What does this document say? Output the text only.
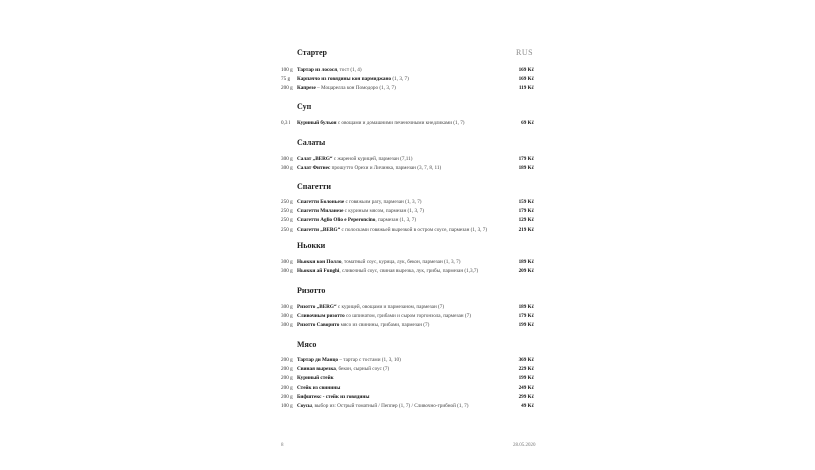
RUS
Стартер
100 g Тартар из лосося, тост (1, 4)	169 Kč
75 g	Карпаччо из говядины кон пармиджано (1, 3, 7)	169 Kč
200 g Капрезе – Моцарелла кон Помодоро (1, 3, 7)	119 Kč
Суп
0,3 l	Куриный бульон с овощами и домашними печеночными кнедликами (1, 7)	69 Kč
Салаты
300 g Салат „BERG“ с жареной курицей, пармезан (7,11)	179 Kč
300 g Салат Фитнес прошутто Орехи и Личинка, пармезан (3, 7, 8, 11)	189 Kč
Спагетти
250 g Спагетти Болоньезе с говяжьим рагу, пармезан (1, 3, 7)	159 Kč
250 g Спагетти Миланезе с куриным мясом, пармезан (1, 3, 7)	179 Kč
250 g Спагетти Aglio Olio e Peperoncino, пармезан (1, 3, 7)	129 Kč
250 g Спагетти „BERG“ с полосками говяжьей вырезкой в остром соусе, пармезан (1, 3, 7)	219 Kč
Ньокки
300 g Ньокки кон Полло, томатный соус, курица, лук, бекон, пармезан (1, 3, 7)	189 Kč
300 g Ньокки ай Funghi, сливочный соус, свиная вырезка, лук, грибы, пармезан (1,3,7)	209 Kč
Ризотто
300 g Ризотто „BERG“ с курицей, овощами и пармезаном, пармезан (7)	189 Kč
300 g Сливочным ризотто со шпинатом, грибами и сыром горгонзола, пармезан (7)	179 Kč
300 g Ризотто Саворито мясо из свинины, грибами, пармезан (7)	199 Kč
Мясо
200 g Тартар ди Манцо – тартар с тостами (1, 3, 10)	369 Kč
200 g Свиная вырезка, бекон, сырный соус (7)	229 Kč
200 g Куриный стейк	199 Kč
200 g Стейк из свинины	249 Kč
200 g Бифштекс - стейк из говядины	299 Kč
100 g Соусы, выбор из: Острый томатный / Пеппер (1, 7) / Сливочно-грибной (1, 7)	49 Kč
8	28.05.2020
